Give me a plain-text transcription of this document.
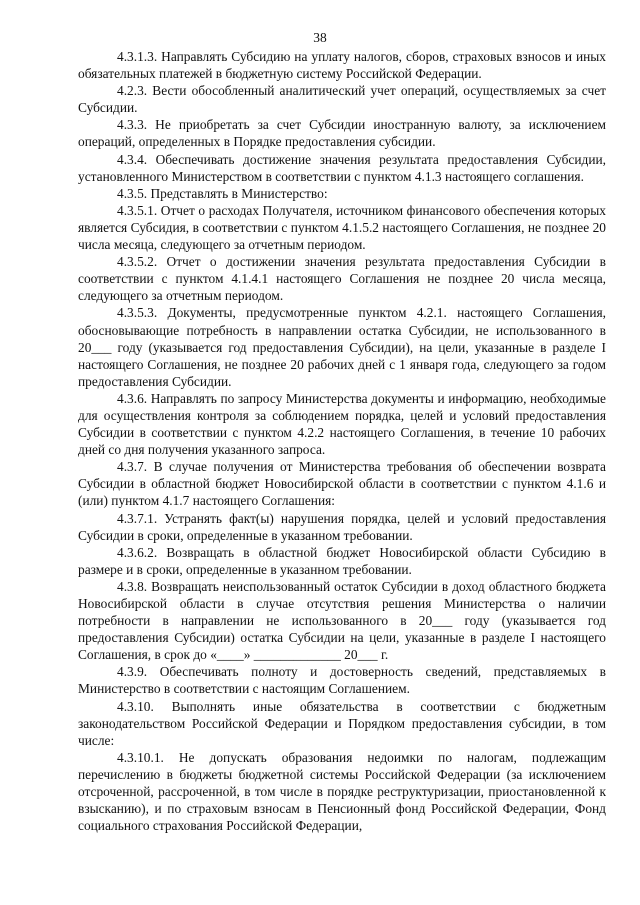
38

4.3.1.3. Направлять Субсидию на уплату налогов, сборов, страховых взносов и иных обязательных платежей в бюджетную систему Российской Федерации.

4.2.3. Вести обособленный аналитический учет операций, осуществляемых за счет Субсидии.

4.3.3. Не приобретать за счет Субсидии иностранную валюту, за исключением операций, определенных в Порядке предоставления субсидии.

4.3.4. Обеспечивать достижение значения результата предоставления Субсидии, установленного Министерством в соответствии с пунктом 4.1.3 настоящего соглашения.

4.3.5. Представлять в Министерство:

4.3.5.1. Отчет о расходах Получателя, источником финансового обеспечения которых является Субсидия, в соответствии с пунктом 4.1.5.2 настоящего Соглашения, не позднее 20 числа месяца, следующего за отчетным периодом.

4.3.5.2. Отчет о достижении значения результата предоставления Субсидии в соответствии с пунктом 4.1.4.1 настоящего Соглашения не позднее 20 числа месяца, следующего за отчетным периодом.

4.3.5.3. Документы, предусмотренные пунктом 4.2.1. настоящего Соглашения, обосновывающие потребность в направлении остатка Субсидии, не использованного в 20___ году (указывается год предоставления Субсидии), на цели, указанные в разделе I настоящего Соглашения, не позднее 20 рабочих дней с 1 января года, следующего за годом предоставления Субсидии.

4.3.6. Направлять по запросу Министерства документы и информацию, необходимые для осуществления контроля за соблюдением порядка, целей и условий предоставления Субсидии в соответствии с пунктом 4.2.2 настоящего Соглашения, в течение 10 рабочих дней со дня получения указанного запроса.

4.3.7. В случае получения от Министерства требования об обеспечении возврата Субсидии в областной бюджет Новосибирской области в соответствии с пунктом 4.1.6 и (или) пунктом 4.1.7 настоящего Соглашения:

4.3.7.1. Устранять факт(ы) нарушения порядка, целей и условий предоставления Субсидии в сроки, определенные в указанном требовании.

4.3.6.2. Возвращать в областной бюджет Новосибирской области Субсидию в размере и в сроки, определенные в указанном требовании.

4.3.8. Возвращать неиспользованный остаток Субсидии в доход областного бюджета Новосибирской области в случае отсутствия решения Министерства о наличии потребности в направлении не использованного в 20___ году (указывается год предоставления Субсидии) остатка Субсидии на цели, указанные в разделе I настоящего Соглашения, в срок до «____» _____________ 20___ г.

4.3.9. Обеспечивать полноту и достоверность сведений, представляемых в Министерство в соответствии с настоящим Соглашением.

4.3.10. Выполнять иные обязательства в соответствии с бюджетным законодательством Российской Федерации и Порядком предоставления субсидии, в том числе:

4.3.10.1. Не допускать образования недоимки по налогам, подлежащим перечислению в бюджеты бюджетной системы Российской Федерации (за исключением отсроченной, рассроченной, в том числе в порядке реструктуризации, приостановленной к взысканию), и по страховым взносам в Пенсионный фонд Российской Федерации, Фонд социального страхования Российской Федерации,
